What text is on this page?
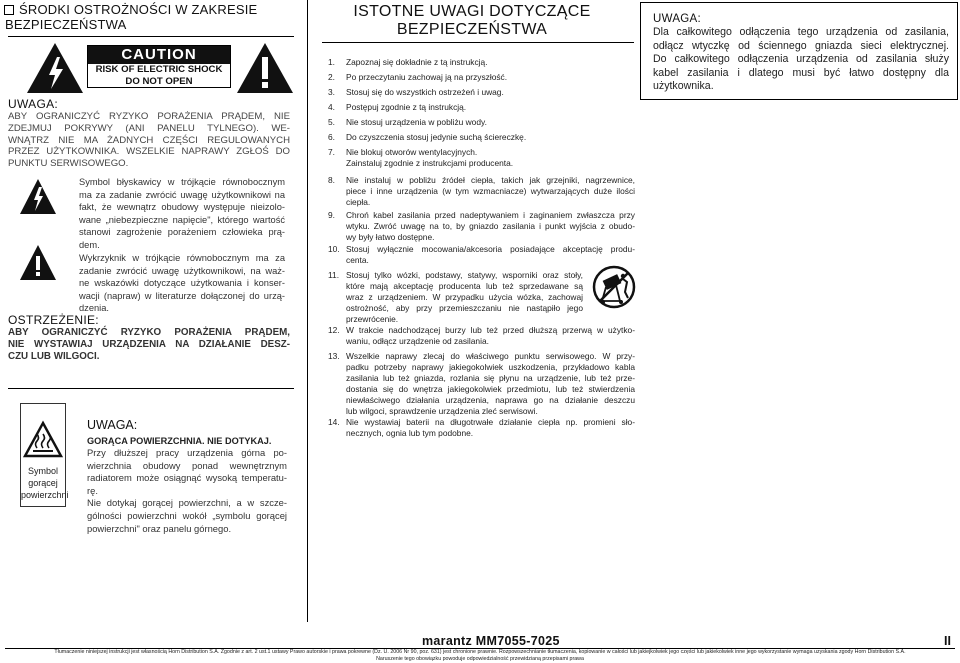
ŚRODKI OSTROŻNOŚCI W ZAKRESIE
BEZPIECZEŃSTWA
CAUTION
RISK OF ELECTRIC SHOCK
DO NOT OPEN
UWAGA:
ABY OGRANICZYĆ RYZYKO PORAŻENIA PRĄDEM, NIE
ZDEJMUJ POKRYWY (ANI PANELU TYLNEGO). WE-
WNĄTRZ NIE MA ŻADNYCH CZĘŚCI REGULOWANYCH
PRZEZ UŻYTKOWNIKA. WSZELKIE NAPRAWY ZGŁOŚ DO
PUNKTU SERWISOWEGO.
Symbol błyskawicy w trójkącie równobocznym
ma za zadanie zwrócić uwagę użytkownikowi na
fakt, że wewnątrz obudowy występuje nieizolo-
wane „niebezpieczne napięcie", którego wartość
stanowi zagrożenie porażeniem człowieka prą-
dem.
Wykrzyknik w trójkącie równobocznym ma za
zadanie zwrócić uwagę użytkownikowi, na waż-
ne wskazówki dotyczące użytkowania i konser-
wacji (napraw) w literaturze dołączonej do urzą-
dzenia.
OSTRZEŻENIE:
ABY OGRANICZYĆ RYZYKO PORAŻENIA PRĄDEM,
NIE WYSTAWIAJ URZĄDZENIA NA DZIAŁANIE DESZ-
CZU LUB WILGOCI.
Symbol
gorącej
powierzchni
UWAGA:
GORĄCA POWIERZCHNIA. NIE DOTYKAJ.
Przy dłuższej pracy urządzenia górna po-
wierzchnia obudowy ponad wewnętrznym
radiatorem może osiągnąć wysoką temperatu-
rę.
Nie dotykaj gorącej powierzchni, a w szcze-
gólności powierzchni wokół „symbolu gorącej
powierzchni" oraz panelu górnego.
ISTOTNE UWAGI DOTYCZĄCE
BEZPIECZEŃSTWA
1.	Zapoznaj się dokładnie z tą instrukcją.
2.	Po przeczytaniu zachowaj ją na przyszłość.
3.	Stosuj się do wszystkich ostrzeżeń i uwag.
4.	Postępuj zgodnie z tą instrukcją.
5.	Nie stosuj urządzenia w pobliżu wody.
6.	Do czyszczenia stosuj jedynie suchą ściereczkę.
7.	Nie blokuj otworów wentylacyjnych.
Zainstaluj zgodnie z instrukcjami producenta.
8.	Nie instaluj w pobliżu źródeł ciepła, takich jak grzejniki, nagrzewnice,
piece i inne urządzenia (w tym wzmacniacze) wytwarzających duże ilości
ciepła.
9.	Chroń kabel zasilania przed nadeptywaniem i zaginaniem zwłaszcza przy
wtyku. Zwróć uwagę na to, by gniazdo zasilania i punkt wyjścia z obudo-
wy były łatwo dostępne.
10. Stosuj wyłącznie mocowania/akcesoria posiadające akceptację produ-
centa.
11. Stosuj tylko wózki, podstawy, statywy, wsporniki oraz stoły,
które mają akceptację producenta lub też sprzedawane są
wraz z urządzeniem. W przypadku użycia wózka, zachowaj
ostrożność, aby przy przemieszczaniu nie nastąpiło jego
przewrócenie.
12. W trakcie nadchodzącej burzy lub też przed dłuższą przerwą w użytko-
waniu, odłącz urządzenie od zasilania.
13. Wszelkie naprawy zlecaj do właściwego punktu serwisowego. W przy-
padku potrzeby naprawy jakiegokolwiek uszkodzenia, przykładowo kabla
zasilania lub też gniazda, rozlania się płynu na urządzenie, lub też prze-
dostania się do wnętrza jakiegokolwiek przedmiotu, lub też stwierdzenia
niewłaściwego działania urządzenia, naprawa go na działanie deszczu
lub wilgoci, sprawdzenie urządzenia zleć serwisowi.
14. Nie wystawiaj baterii na długotrwałe działanie ciepła np. promieni sło-
necznych, ognia lub tym podobne.
UWAGA:
Dla całkowitego odłączenia tego urządzenia od zasilania,
odłącz wtyczkę od ściennego gniazda sieci elektrycznej.
Do całkowitego odłączenia urządzenia od zasilania służy
kabel zasilania i dlatego musi być łatwo dostępny dla
użytkownika.
marantz MM7055-7025	II
Tłumaczenie niniejszej instrukcji jest własnością Horn Distribution S.A. Zgodnie z art. 2 ust.1 ustawy Prawo autorskie i prawa pokrewne (Dz. U. 2006 Nr 90, poz. 631) jest chronione prawnie. Rozpowszechnianie tłumaczenia, kopiowanie w całości lub jakiejkolwiek jego części lub jakiekolwiek inne jego wykorzystanie wymaga uzyskania zgody Horn Distribution S.A.
Naruszenie tego obowiązku powoduje odpowiedzialność przewidzianą przepisami prawa
